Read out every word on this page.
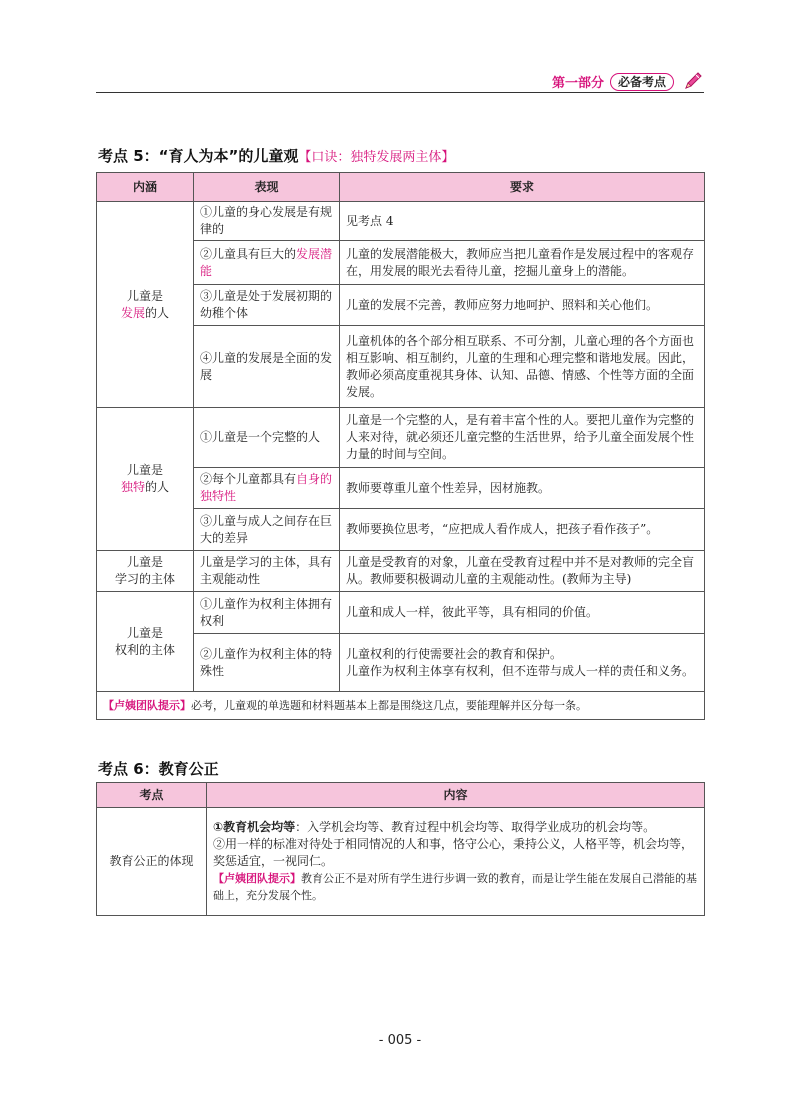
第一部分	必备考点
考点 5：“育人为本”的儿童观【口诀：独特发展两主体】
内涵	表现	要求
儿童是
发展的人	①儿童的身心发展是有规律的	见考点 4
	②儿童具有巨大的发展潜能	儿童的发展潜能极大，教师应当把儿童看作是发展过程中的客观存在，用发展的眼光去看待儿童，挖掘儿童身上的潜能。
	③儿童是处于发展初期的幼稚个体	儿童的发展不完善，教师应努力地呵护、照料和关心他们。
	④儿童的发展是全面的发展	儿童机体的各个部分相互联系、不可分割，儿童心理的各个方面也相互影响、相互制约，儿童的生理和心理完整和谐地发展。因此，教师必须高度重视其身体、认知、品德、情感、个性等方面的全面发展。
儿童是
独特的人	①儿童是一个完整的人	儿童是一个完整的人，是有着丰富个性的人。要把儿童作为完整的人来对待，就必须还儿童完整的生活世界，给予儿童全面发展个性力量的时间与空间。
	②每个儿童都具有自身的独特性	教师要尊重儿童个性差异，因材施教。
	③儿童与成人之间存在巨大的差异	教师要换位思考，“应把成人看作成人，把孩子看作孩子”。
儿童是
学习的主体	儿童是学习的主体，具有主观能动性	儿童是受教育的对象，儿童在受教育过程中并不是对教师的完全盲从。教师要积极调动儿童的主观能动性。(教师为主导)
儿童是
权利的主体	①儿童作为权利主体拥有权利	儿童和成人一样，彼此平等，具有相同的价值。
	②儿童作为权利主体的特殊性	儿童权利的行使需要社会的教育和保护。
儿童作为权利主体享有权利，但不连带与成人一样的责任和义务。
【卢姨团队提示】必考，儿童观的单选题和材料题基本上都是围绕这几点，要能理解并区分每一条。		
考点 6：教育公正
考点	内容
教育公正的体现	①教育机会均等：入学机会均等、教育过程中机会均等、取得学业成功的机会均等。
②用一样的标准对待处于相同情况的人和事，恪守公心，秉持公义，人格平等，机会均等，奖惩适宜，一视同仁。
【卢姨团队提示】教育公正不是对所有学生进行步调一致的教育，而是让学生能在发展自己潜能的基础上，充分发展个性。
- 005 -
